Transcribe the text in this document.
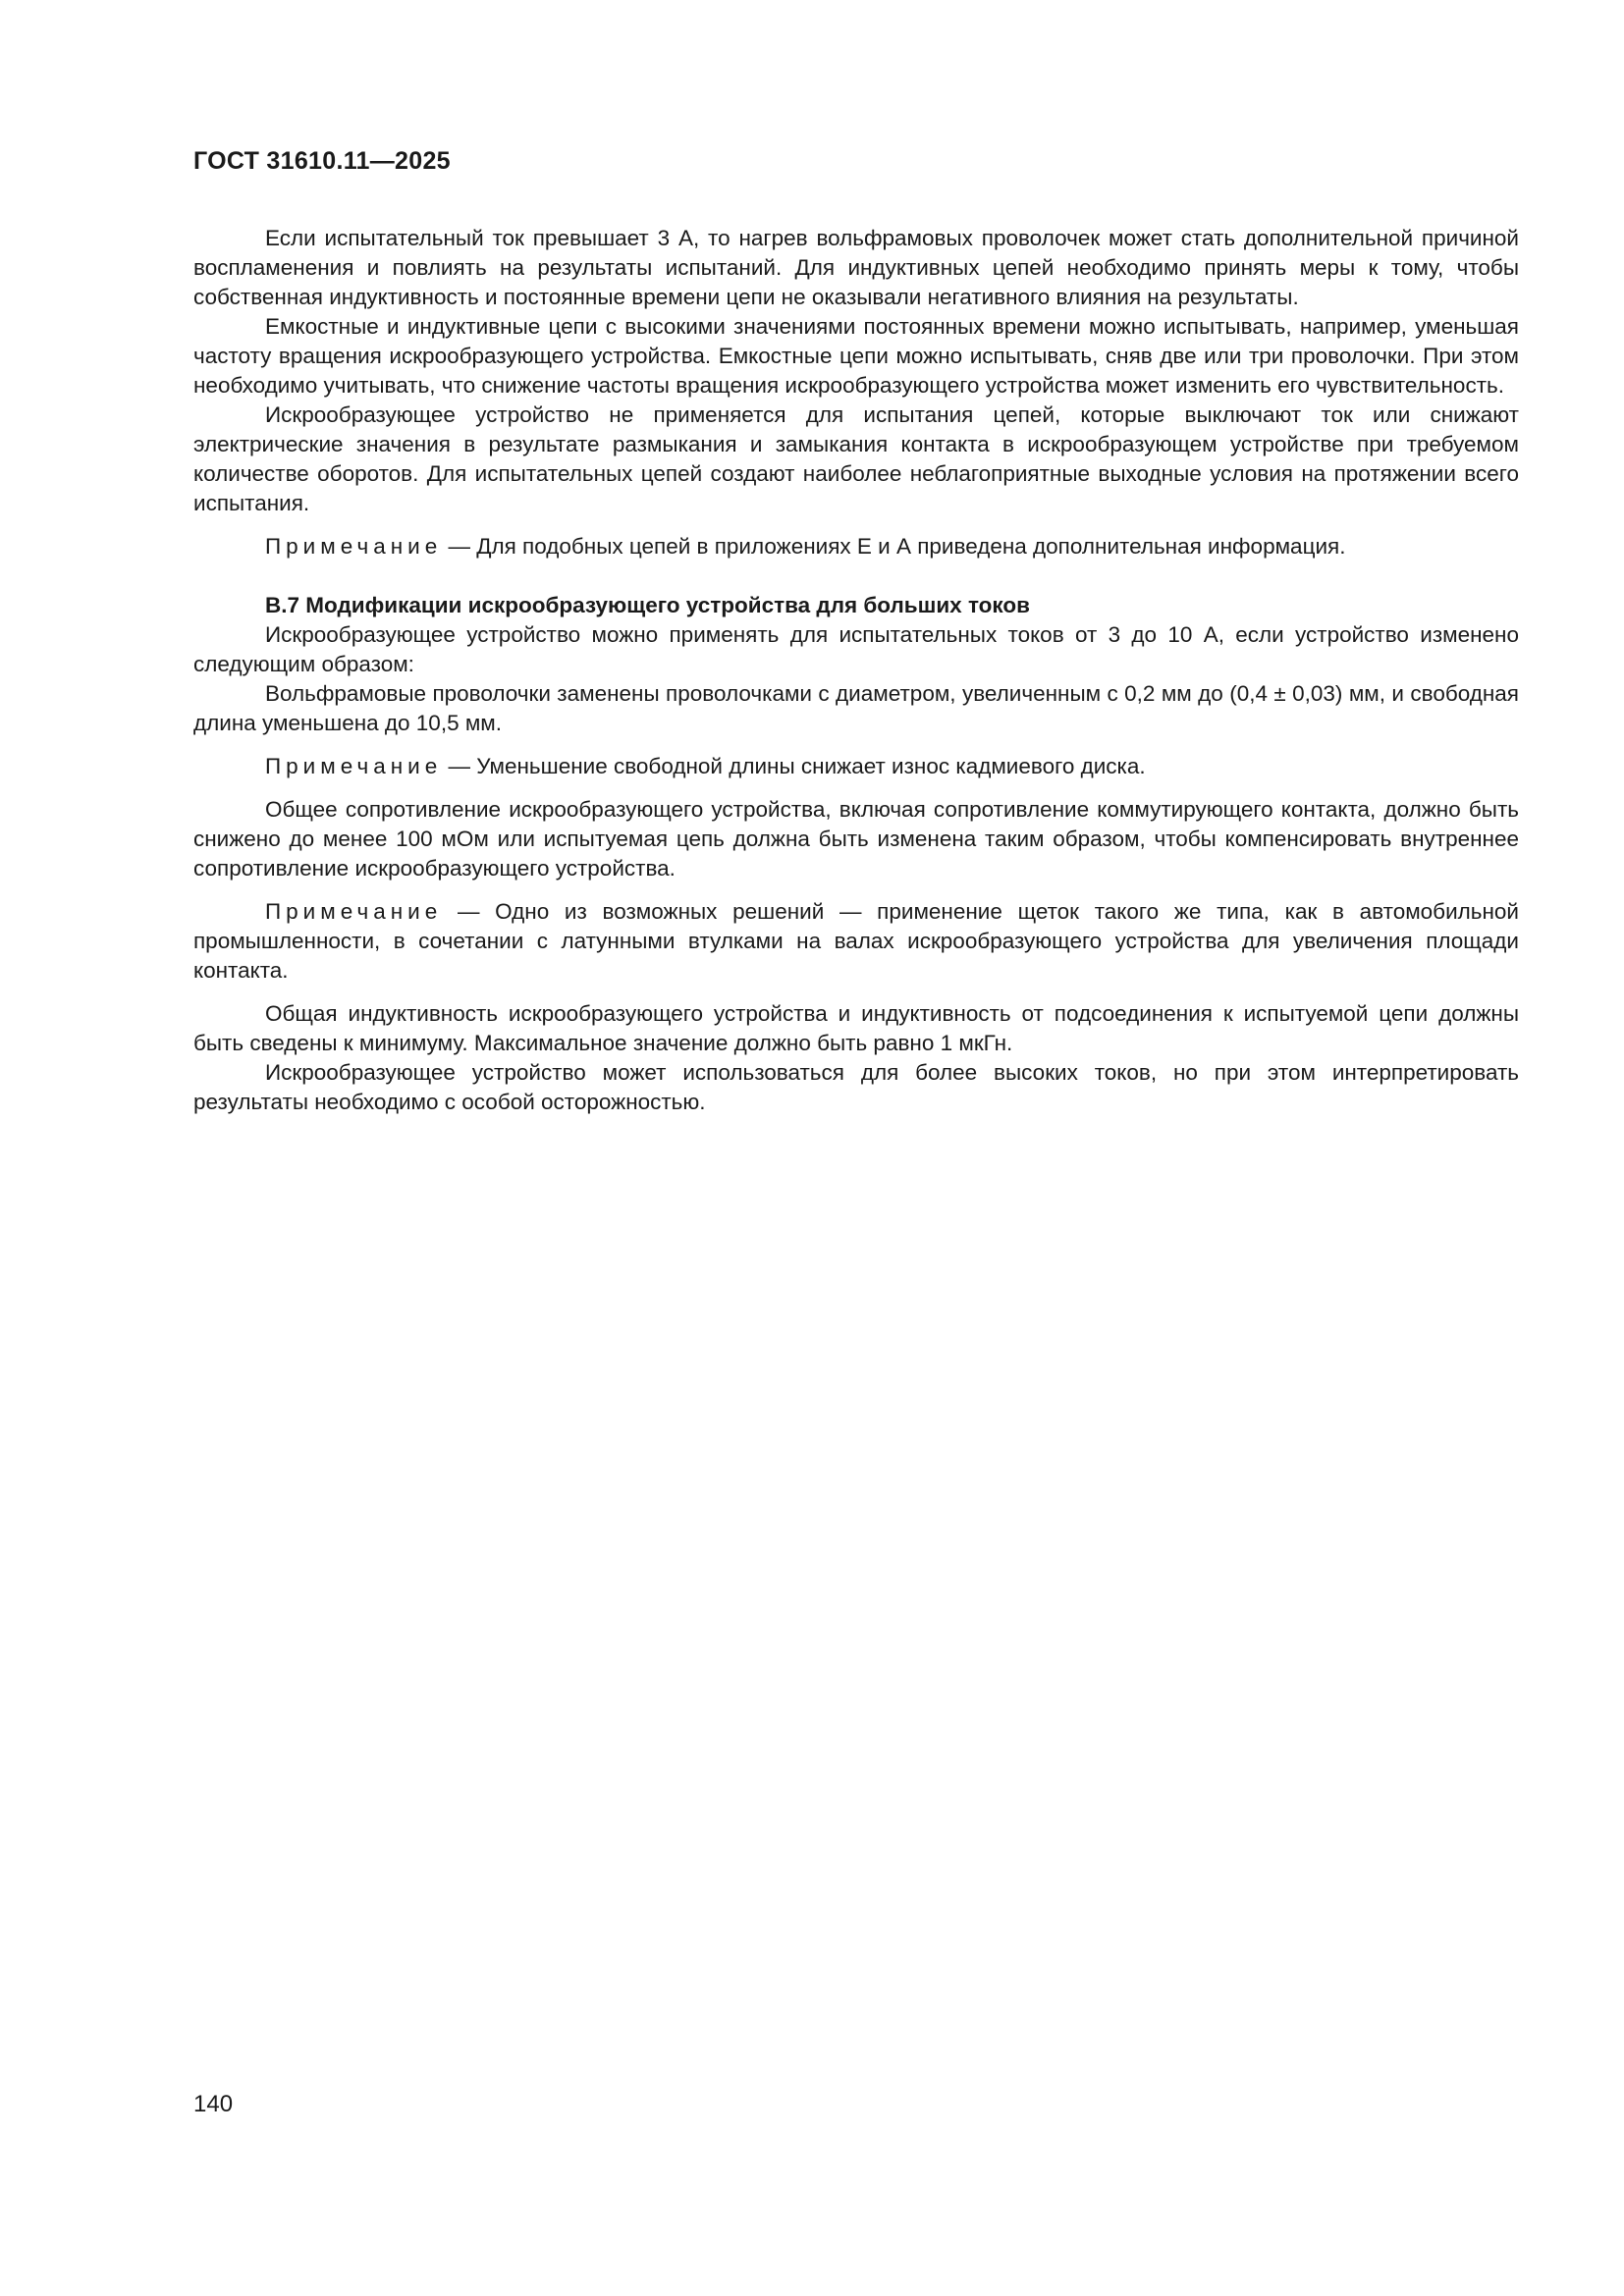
ГОСТ 31610.11—2025

Если испытательный ток превышает 3 А, то нагрев вольфрамовых проволочек может стать дополнительной причиной воспламенения и повлиять на результаты испытаний. Для индуктивных цепей необходимо принять меры к тому, чтобы собственная индуктивность и постоянные времени цепи не оказывали негативного влияния на результаты.

Емкостные и индуктивные цепи с высокими значениями постоянных времени можно испытывать, например, уменьшая частоту вращения искрообразующего устройства. Емкостные цепи можно испытывать, сняв две или три проволочки. При этом необходимо учитывать, что снижение частоты вращения искрообразующего устройства может изменить его чувствительность.

Искрообразующее устройство не применяется для испытания цепей, которые выключают ток или снижают электрические значения в результате размыкания и замыкания контакта в искрообразующем устройстве при требуемом количестве оборотов. Для испытательных цепей создают наиболее неблагоприятные выходные условия на протяжении всего испытания.

Примечание — Для подобных цепей в приложениях Е и А приведена дополнительная информация.

В.7 Модификации искрообразующего устройства для больших токов

Искрообразующее устройство можно применять для испытательных токов от 3 до 10 А, если устройство изменено следующим образом:

Вольфрамовые проволочки заменены проволочками с диаметром, увеличенным с 0,2 мм до (0,4 ± 0,03) мм, и свободная длина уменьшена до 10,5 мм.

Примечание — Уменьшение свободной длины снижает износ кадмиевого диска.

Общее сопротивление искрообразующего устройства, включая сопротивление коммутирующего контакта, должно быть снижено до менее 100 мОм или испытуемая цепь должна быть изменена таким образом, чтобы компенсировать внутреннее сопротивление искрообразующего устройства.

Примечание — Одно из возможных решений — применение щеток такого же типа, как в автомобильной промышленности, в сочетании с латунными втулками на валах искрообразующего устройства для увеличения площади контакта.

Общая индуктивность искрообразующего устройства и индуктивность от подсоединения к испытуемой цепи должны быть сведены к минимуму. Максимальное значение должно быть равно 1 мкГн.

Искрообразующее устройство может использоваться для более высоких токов, но при этом интерпретировать результаты необходимо с особой осторожностью.

140
